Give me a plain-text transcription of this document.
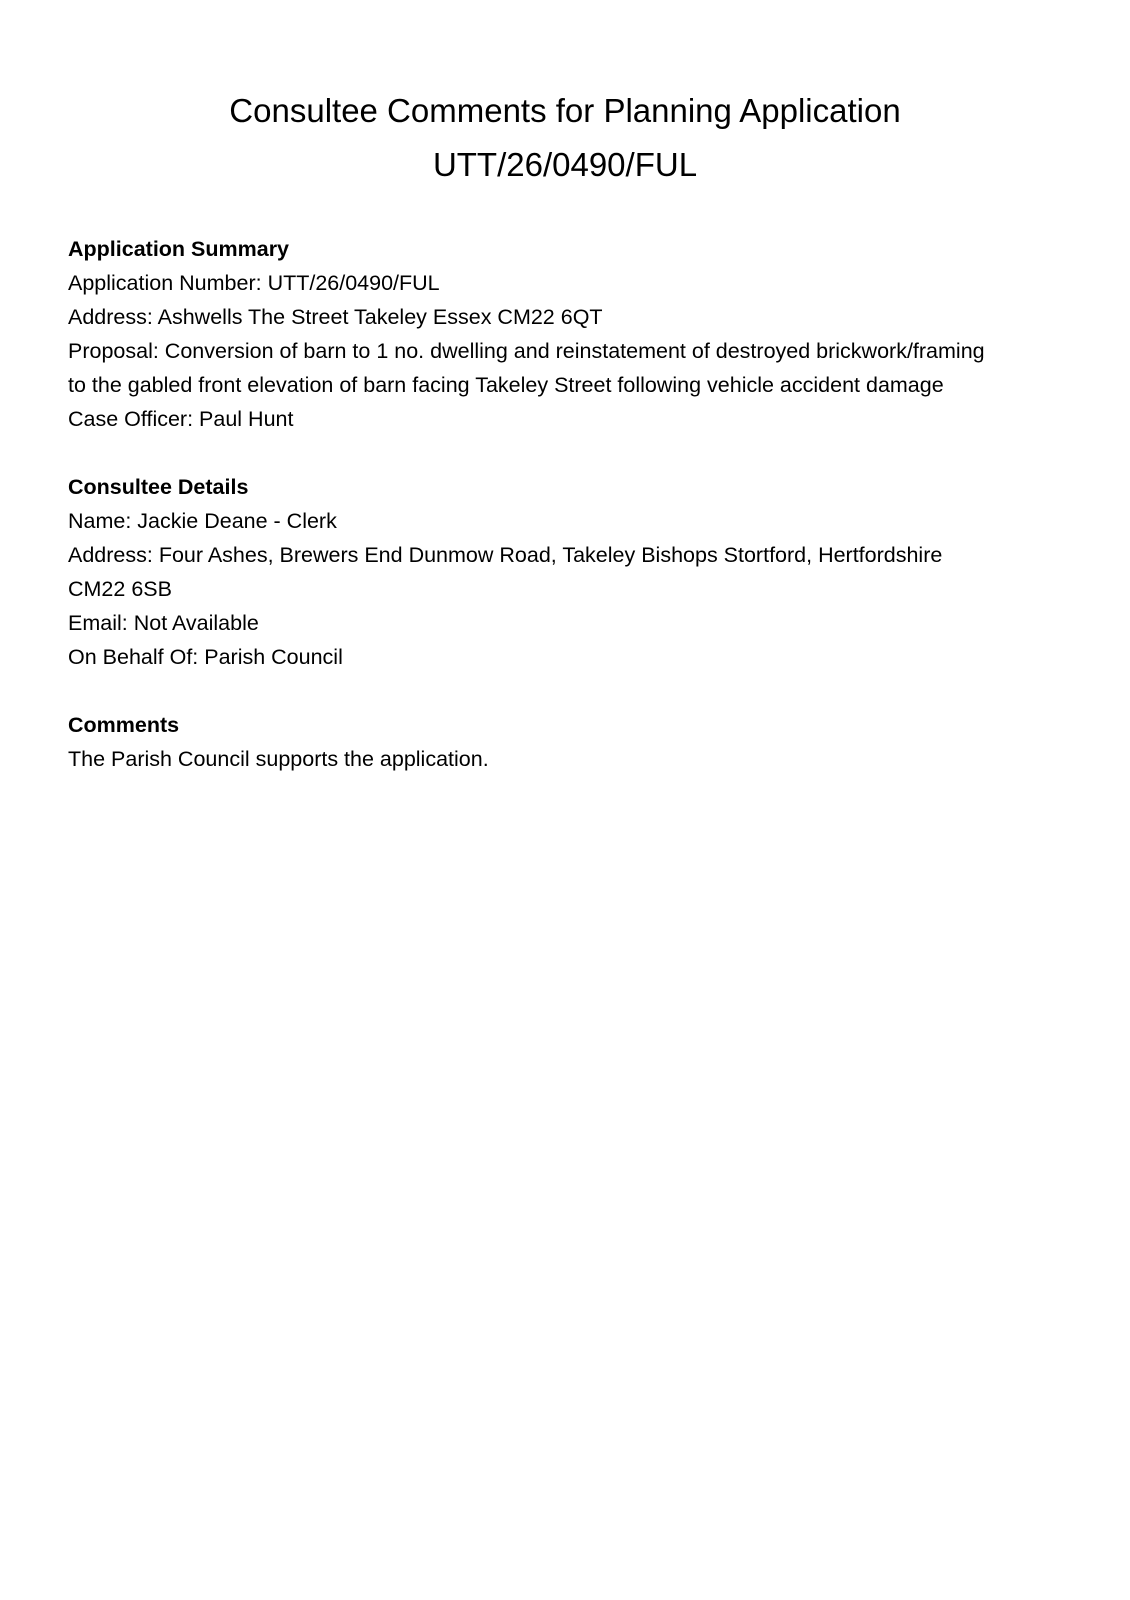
Consultee Comments for Planning Application
UTT/26/0490/FUL

Application Summary

Application Number: UTT/26/0490/FUL

Address: Ashwells The Street Takeley Essex CM22 6QT

Proposal: Conversion of barn to 1 no. dwelling and reinstatement of destroyed brickwork/framing

to the gabled front elevation of barn facing Takeley Street following vehicle accident damage

Case Officer: Paul Hunt

Consultee Details

Name: Jackie Deane - Clerk

Address: Four Ashes, Brewers End Dunmow Road, Takeley Bishops Stortford, Hertfordshire

CM22 6SB

Email: Not Available

On Behalf Of: Parish Council

Comments

The Parish Council supports the application.
